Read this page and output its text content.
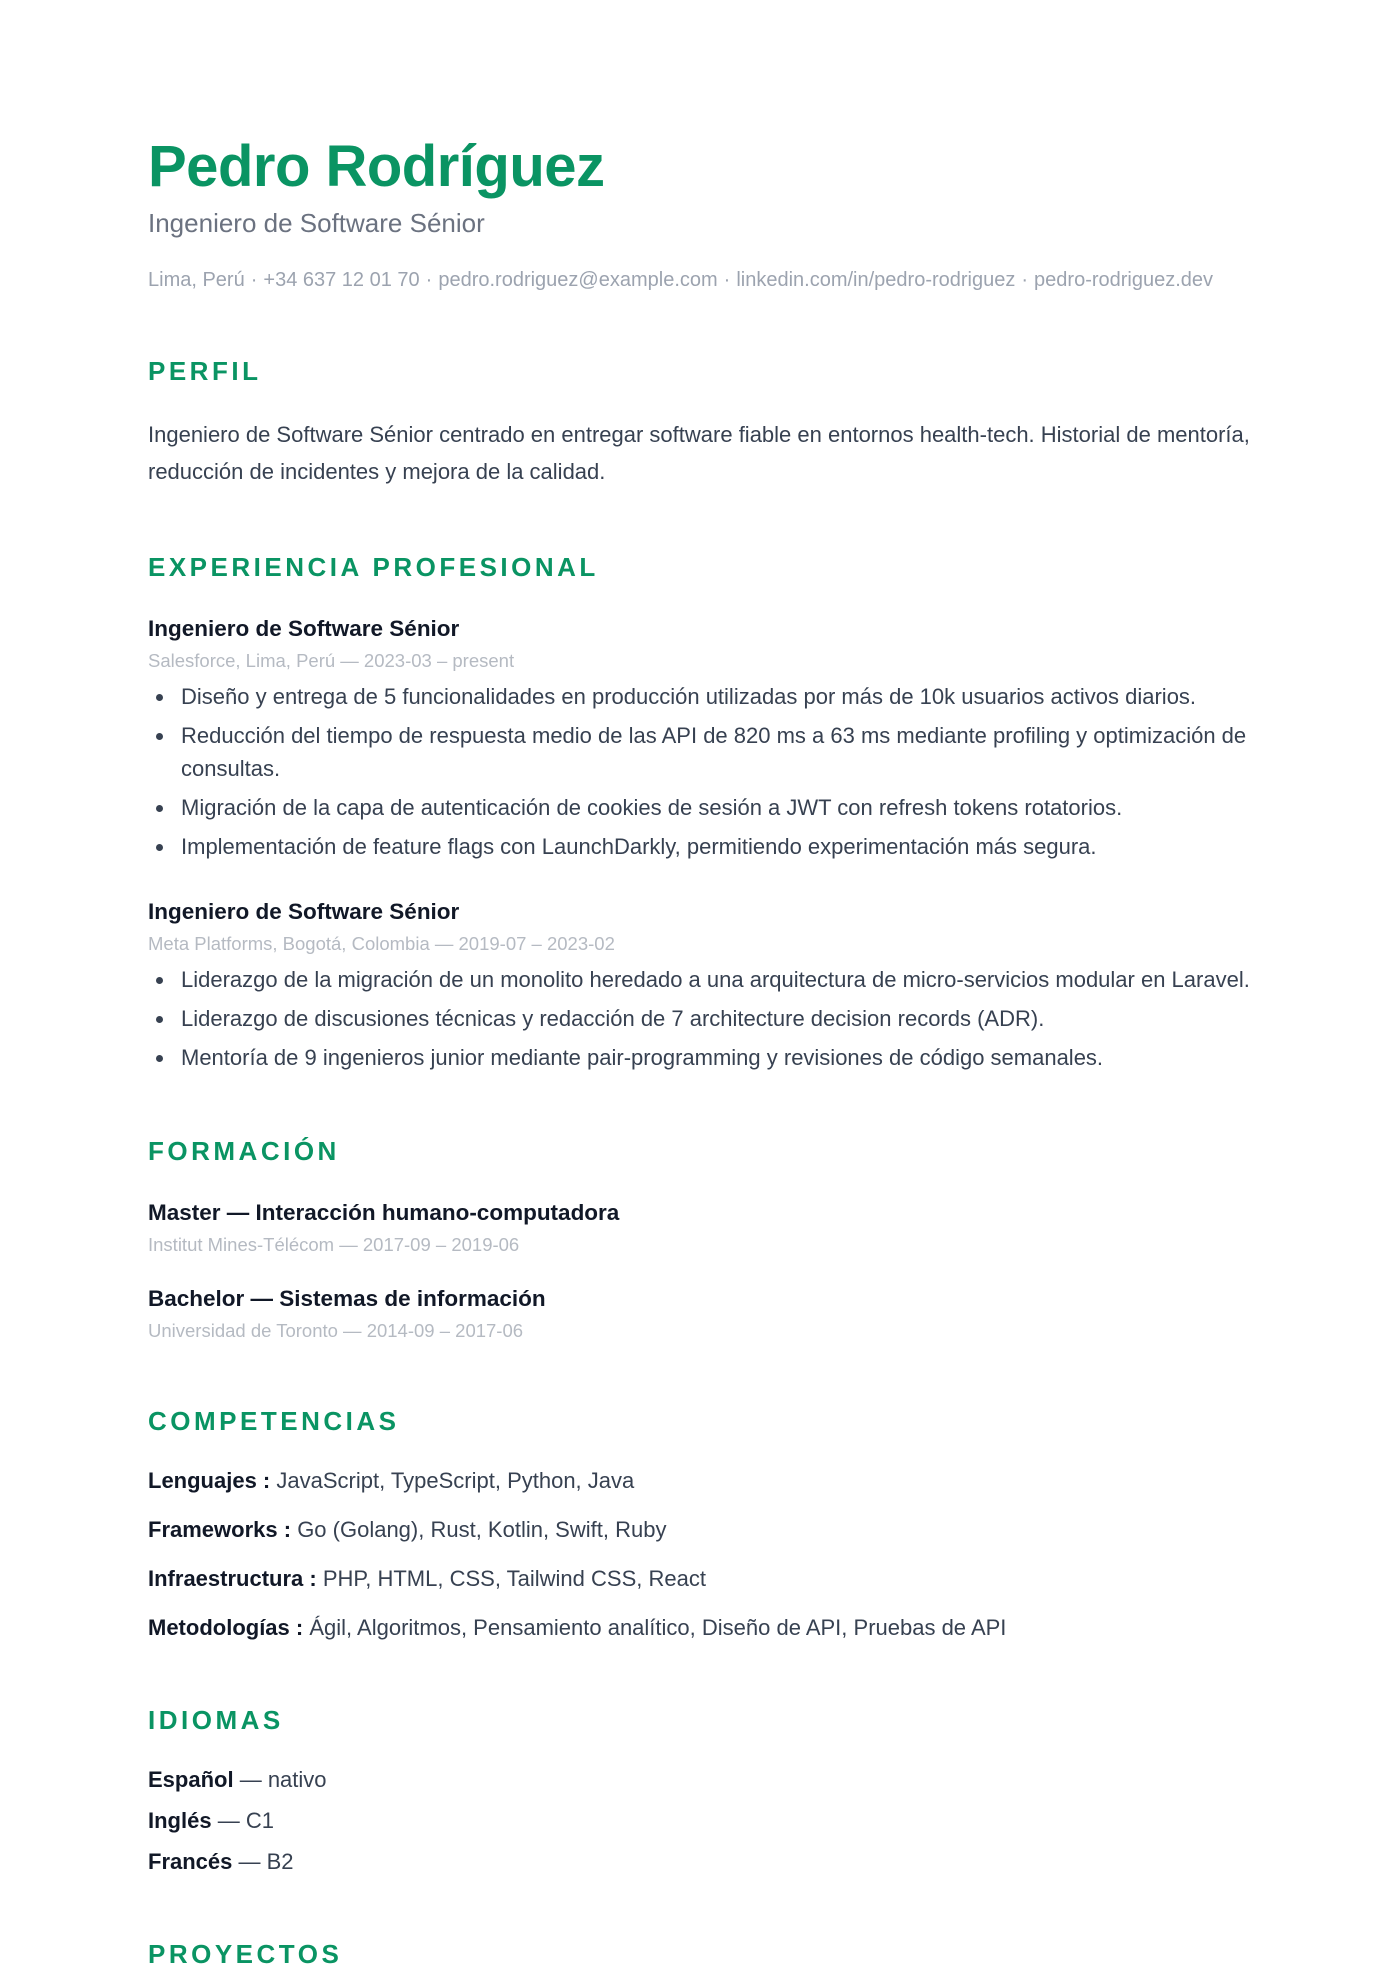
Pedro Rodríguez
Ingeniero de Software Sénior
Lima, Perú · +34 637 12 01 70 · pedro.rodriguez@example.com · linkedin.com/in/pedro-rodriguez · pedro-rodriguez.dev
PERFIL
Ingeniero de Software Sénior centrado en entregar software fiable en entornos health-tech. Historial de mentoría, reducción de incidentes y mejora de la calidad.
EXPERIENCIA PROFESIONAL
Ingeniero de Software Sénior
Salesforce, Lima, Perú — 2023-03 – present
Diseño y entrega de 5 funcionalidades en producción utilizadas por más de 10k usuarios activos diarios.
Reducción del tiempo de respuesta medio de las API de 820 ms a 63 ms mediante profiling y optimización de consultas.
Migración de la capa de autenticación de cookies de sesión a JWT con refresh tokens rotatorios.
Implementación de feature flags con LaunchDarkly, permitiendo experimentación más segura.
Ingeniero de Software Sénior
Meta Platforms, Bogotá, Colombia — 2019-07 – 2023-02
Liderazgo de la migración de un monolito heredado a una arquitectura de micro-servicios modular en Laravel.
Liderazgo de discusiones técnicas y redacción de 7 architecture decision records (ADR).
Mentoría de 9 ingenieros junior mediante pair-programming y revisiones de código semanales.
FORMACIÓN
Master — Interacción humano-computadora
Institut Mines-Télécom — 2017-09 – 2019-06
Bachelor — Sistemas de información
Universidad de Toronto — 2014-09 – 2017-06
COMPETENCIAS
Lenguajes : JavaScript, TypeScript, Python, Java
Frameworks : Go (Golang), Rust, Kotlin, Swift, Ruby
Infraestructura : PHP, HTML, CSS, Tailwind CSS, React
Metodologías : Ágil, Algoritmos, Pensamiento analítico, Diseño de API, Pruebas de API
IDIOMAS
Español — nativo
Inglés — C1
Francés — B2
PROYECTOS
